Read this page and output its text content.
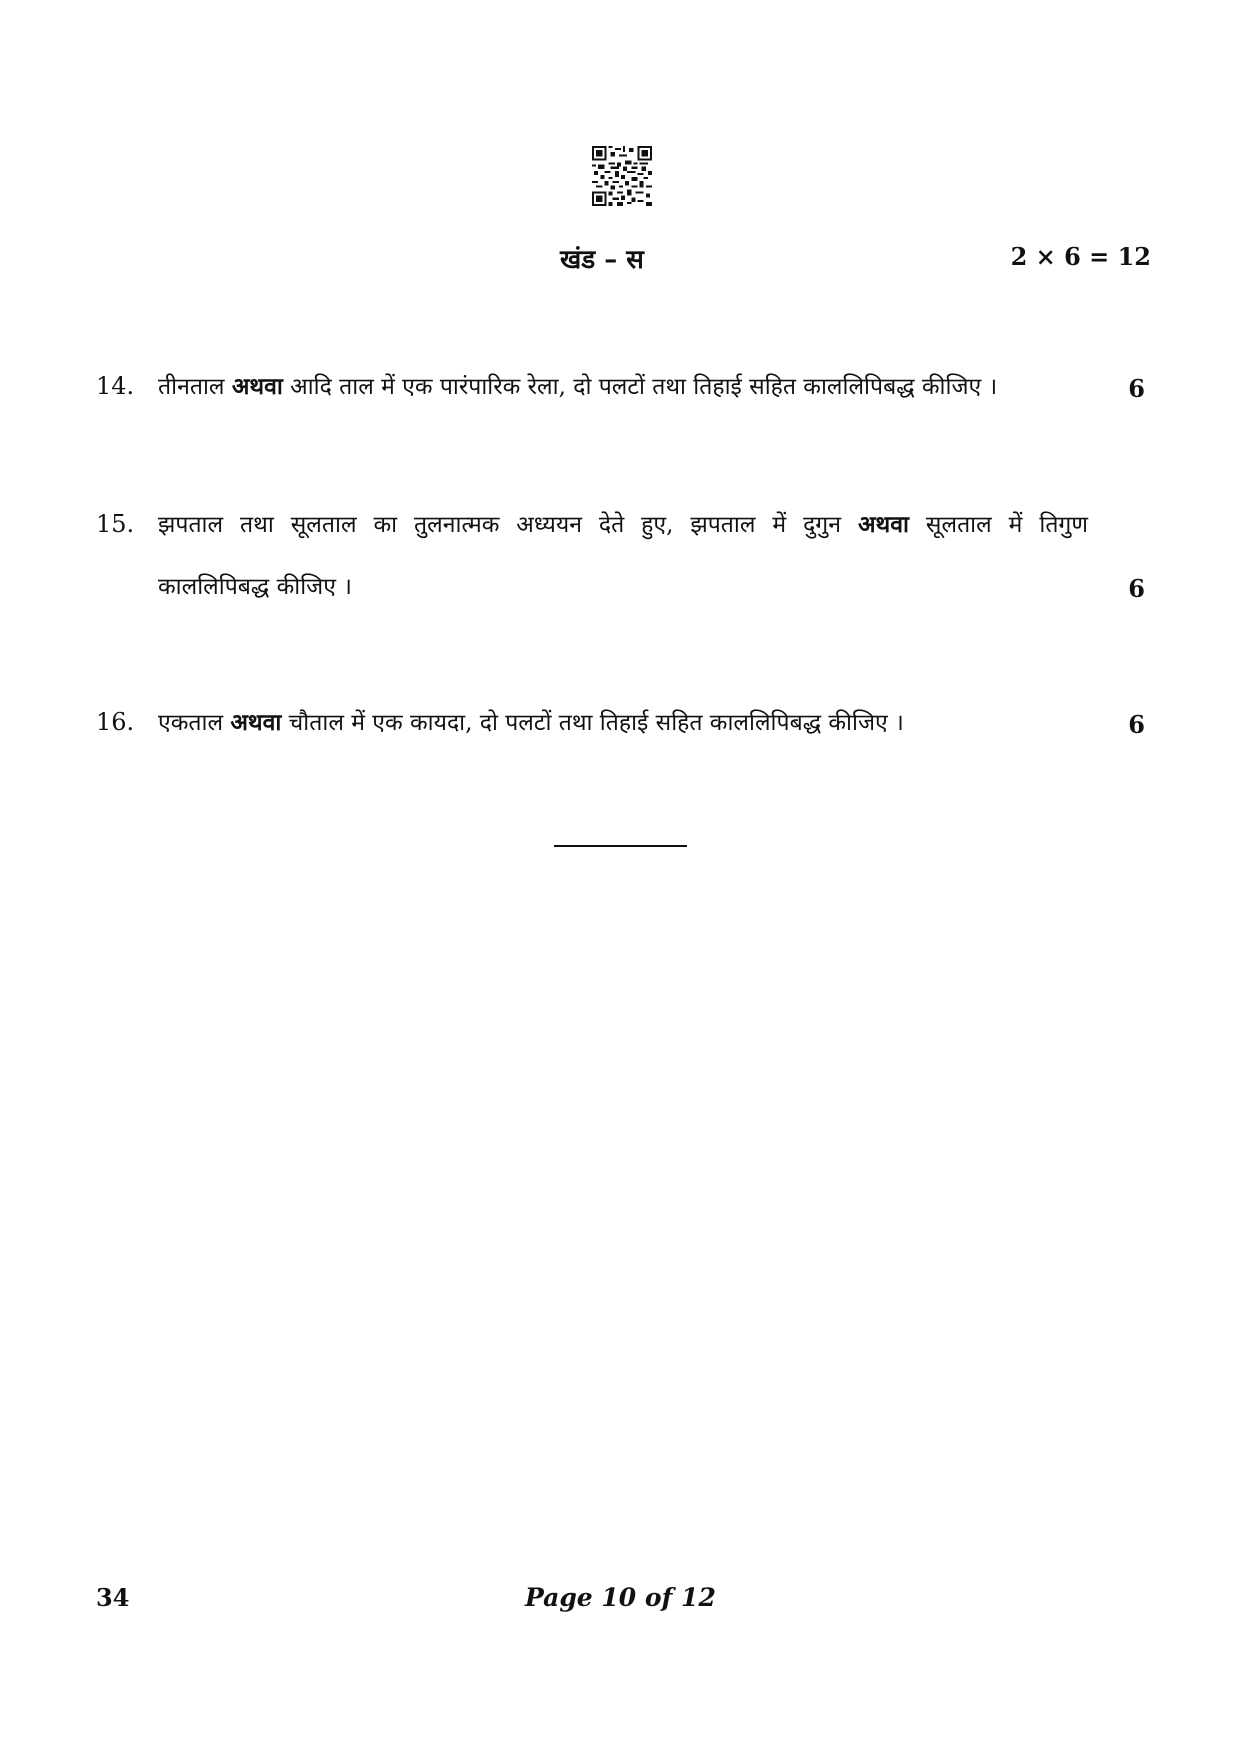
खंड – स	2 × 6 = 12
14. तीनताल अथवा आदि ताल में एक पारंपारिक रेला, दो पलटों तथा तिहाई सहित काललिपिबद्ध कीजिए ।	6
15. झपताल तथा सूलताल का तुलनात्मक अध्ययन देते हुए, झपताल में दुगुन अथवा सूलताल में तिगुण
काललिपिबद्ध कीजिए ।	6
16. एकताल अथवा चौताल में एक कायदा, दो पलटों तथा तिहाई सहित काललिपिबद्ध कीजिए ।	6
34	Page 10 of 12
